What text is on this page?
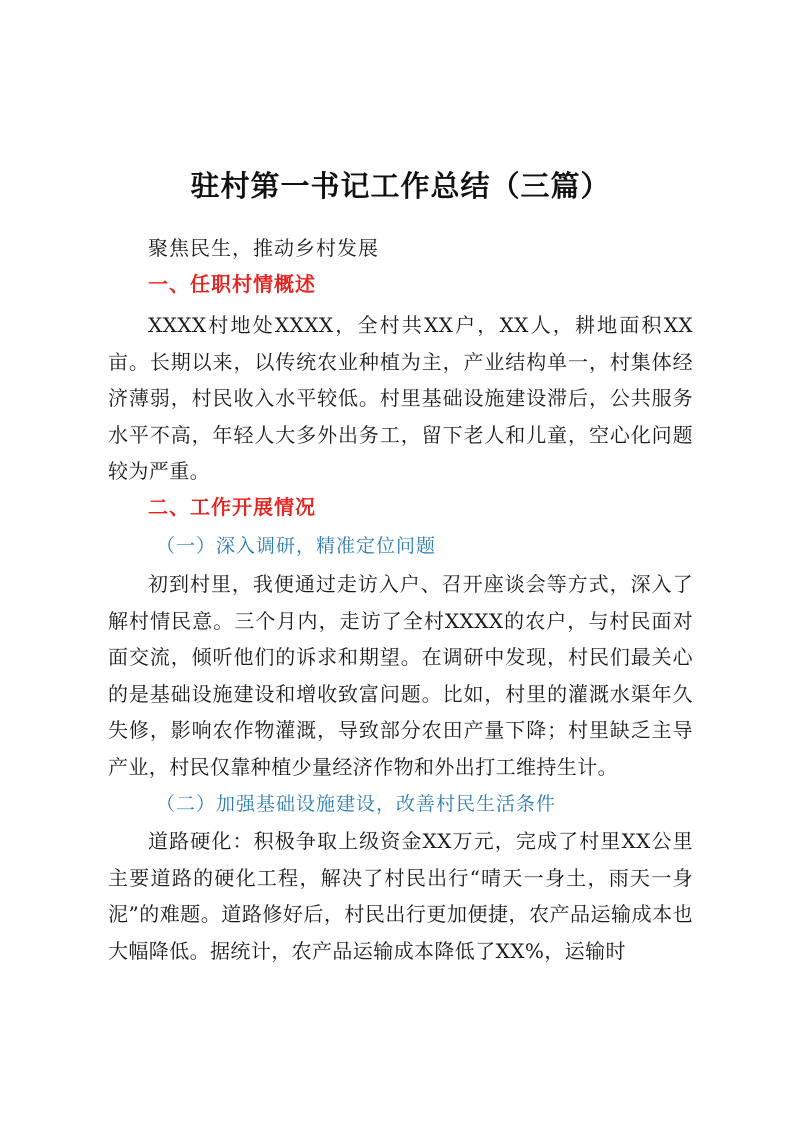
驻村第一书记工作总结（三篇）
聚焦民生，推动乡村发展
一、任职村情概述
XXXX村地处XXXX，全村共XX户，XX人，耕地面积XX亩。长期以来，以传统农业种植为主，产业结构单一，村集体经济薄弱，村民收入水平较低。村里基础设施建设滞后，公共服务水平不高，年轻人大多外出务工，留下老人和儿童，空心化问题较为严重。
二、工作开展情况
（一）深入调研，精准定位问题
初到村里，我便通过走访入户、召开座谈会等方式，深入了解村情民意。三个月内，走访了全村XXXX的农户，与村民面对面交流，倾听他们的诉求和期望。在调研中发现，村民们最关心的是基础设施建设和增收致富问题。比如，村里的灌溉水渠年久失修，影响农作物灌溉，导致部分农田产量下降；村里缺乏主导产业，村民仅靠种植少量经济作物和外出打工维持生计。
（二）加强基础设施建设，改善村民生活条件
道路硬化：积极争取上级资金XX万元，完成了村里XX公里主要道路的硬化工程，解决了村民出行“晴天一身土，雨天一身泥”的难题。道路修好后，村民出行更加便捷，农产品运输成本也大幅降低。据统计，农产品运输成本降低了XX%，运输时
